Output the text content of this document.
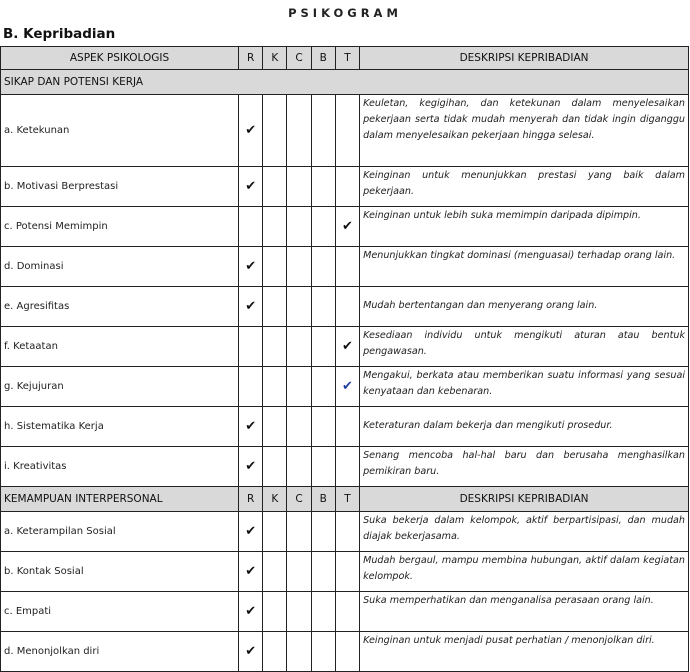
PSIKOGRAM
B. Kepribadian
ASPEK PSIKOLOGIS	R	K	C	B	T	DESKRIPSI KEPRIBADIAN
SIKAP DAN POTENSI KERJA						
a. Ketekunan	✔					Keuletan, kegigihan, dan ketekunan dalam menyelesaikan pekerjaan serta tidak mudah menyerah dan tidak ingin diganggu dalam menyelesaikan pekerjaan hingga selesai.
b. Motivasi Berprestasi	✔					Keinginan untuk menunjukkan prestasi yang baik dalam pekerjaan.
c. Potensi Memimpin					✔	Keinginan untuk lebih suka memimpin daripada dipimpin.
d. Dominasi	✔					Menunjukkan tingkat dominasi (menguasai) terhadap orang lain.
e. Agresifitas	✔					Mudah bertentangan dan menyerang orang lain.
f. Ketaatan					✔	Kesediaan individu untuk mengikuti aturan atau bentuk pengawasan.
g. Kejujuran					✔	Mengakui, berkata atau memberikan suatu informasi yang sesuai kenyataan dan kebenaran.
h. Sistematika Kerja	✔					Keteraturan dalam bekerja dan mengikuti prosedur.
i. Kreativitas	✔					Senang mencoba hal-hal baru dan berusaha menghasilkan pemikiran baru.
KEMAMPUAN INTERPERSONAL	R	K	C	B	T	DESKRIPSI KEPRIBADIAN
a. Keterampilan Sosial	✔					Suka bekerja dalam kelompok, aktif berpartisipasi, dan mudah diajak bekerjasama.
b. Kontak Sosial	✔					Mudah bergaul, mampu membina hubungan, aktif dalam kegiatan kelompok.
c. Empati	✔					Suka memperhatikan dan menganalisa perasaan orang lain.
d. Menonjolkan diri	✔					Keinginan untuk menjadi pusat perhatian / menonjolkan diri.
